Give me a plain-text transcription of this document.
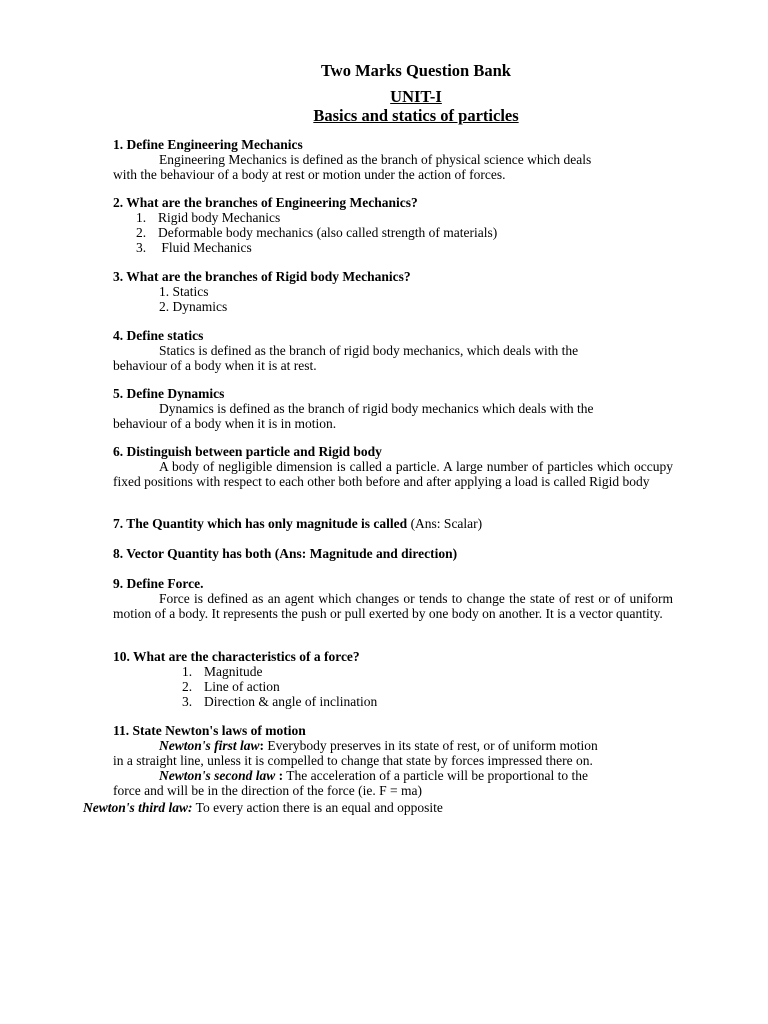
Two Marks Question Bank
UNIT-I
Basics and statics of particles
1. Define Engineering Mechanics
Engineering Mechanics is defined as the branch of physical science which deals
with the behaviour of a body at rest or motion under the action of forces.
2. What are the branches of Engineering Mechanics?
1. Rigid body Mechanics
2. Deformable body mechanics (also called strength of materials)
3. Fluid Mechanics
3. What are the branches of Rigid body Mechanics?
1. Statics
2. Dynamics
4. Define statics
Statics is defined as the branch of rigid body mechanics, which deals with the
behaviour of a body when it is at rest.
5. Define Dynamics
Dynamics is defined as the branch of rigid body mechanics which deals with the
behaviour of a body when it is in motion.
6. Distinguish between particle and Rigid body
A body of negligible dimension is called a particle. A large number of particles which occupy fixed positions with respect to each other both before and after applying a load is called Rigid body
7. The Quantity which has only magnitude is called (Ans: Scalar)
8. Vector Quantity has both (Ans: Magnitude and direction)
9. Define Force.
Force is defined as an agent which changes or tends to change the state of rest or of uniform motion of a body. It represents the push or pull exerted by one body on another. It is a vector quantity.
10. What are the characteristics of a force?
1. Magnitude
2. Line of action
3. Direction & angle of inclination
11. State Newton's laws of motion
Newton's first law: Everybody preserves in its state of rest, or of uniform motion
in a straight line, unless it is compelled to change that state by forces impressed there on.
Newton's second law : The acceleration of a particle will be proportional to the
force and will be in the direction of the force (ie. F = ma)
Newton's third law: To every action there is an equal and opposite
